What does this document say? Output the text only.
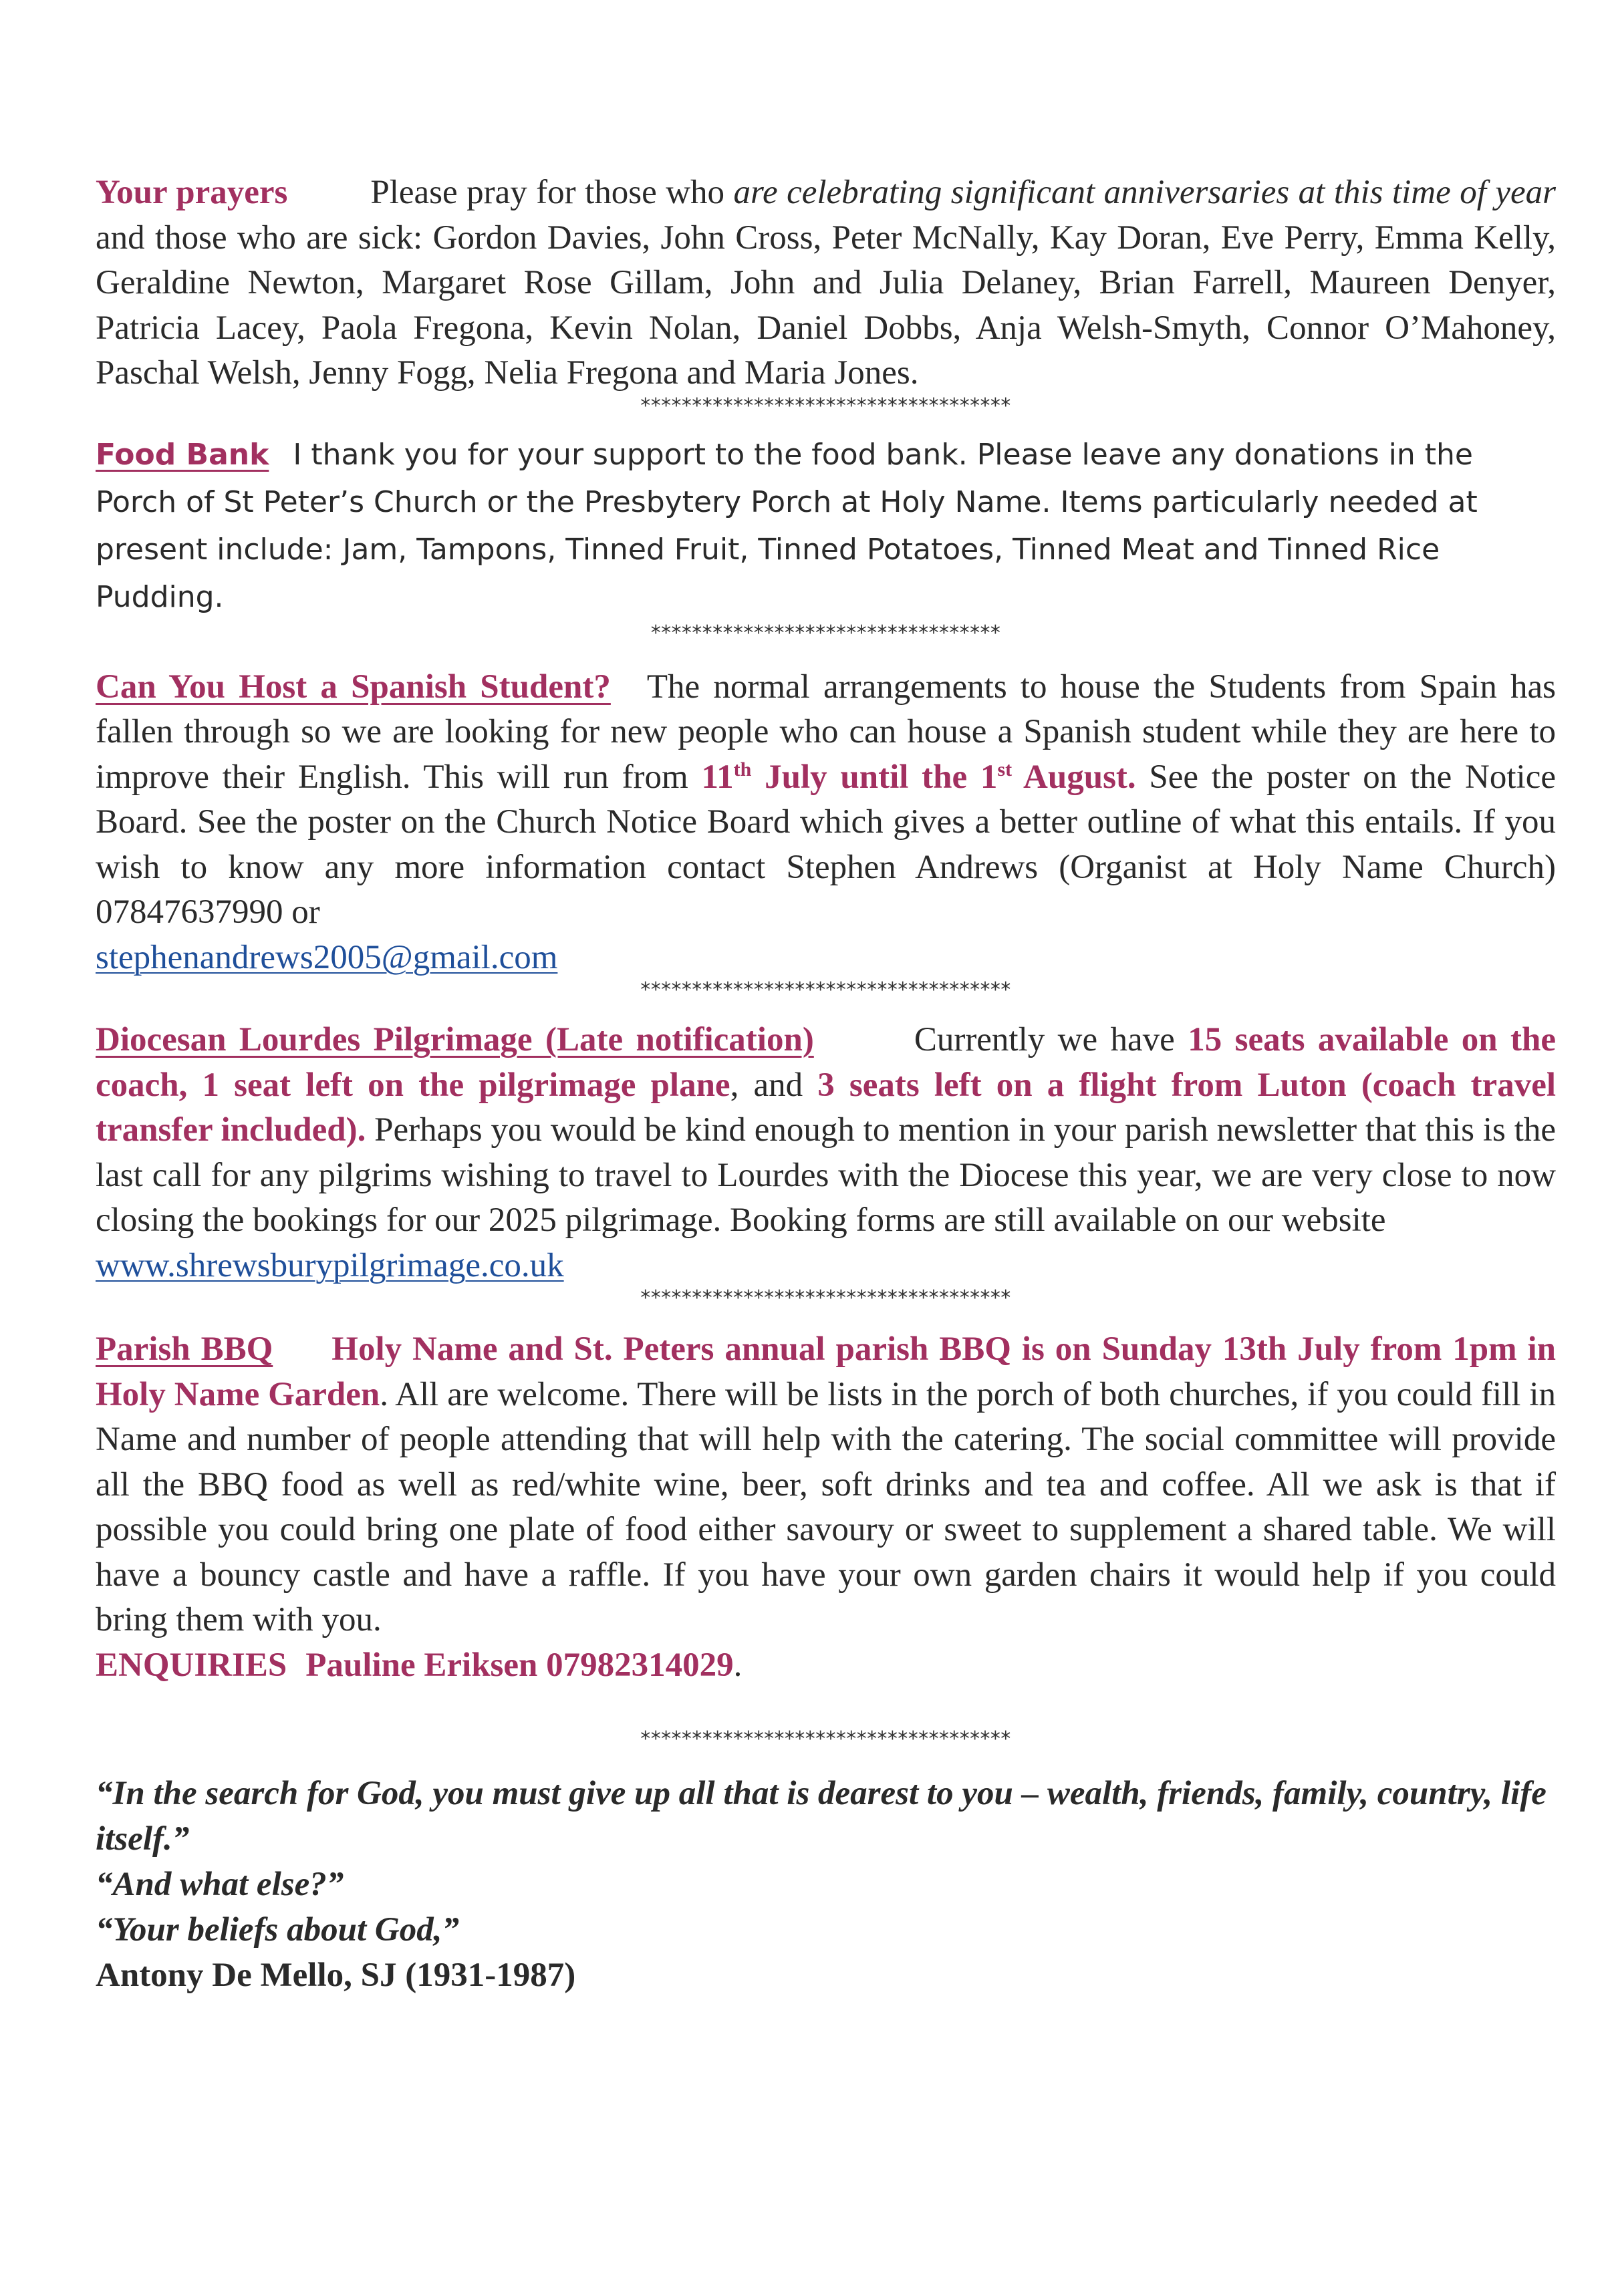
Your prayers Please pray for those who are celebrating significant anniversaries at this time of year and those who are sick: Gordon Davies, John Cross, Peter McNally, Kay Doran, Eve Perry, Emma Kelly, Geraldine Newton, Margaret Rose Gillam, John and Julia Delaney, Brian Farrell, Maureen Denyer, Patricia Lacey, Paola Fregona, Kevin Nolan, Daniel Dobbs, Anja Welsh-Smyth, Connor O’Mahoney, Paschal Welsh, Jenny Fogg, Nelia Fregona and Maria Jones.

************************************

Food Bank I thank you for your support to the food bank. Please leave any donations in the Porch of St Peter’s Church or the Presbytery Porch at Holy Name. Items particularly needed at present include: Jam, Tampons, Tinned Fruit, Tinned Potatoes, Tinned Meat and Tinned Rice Pudding.

**********************************

Can You Host a Spanish Student? The normal arrangements to house the Students from Spain has fallen through so we are looking for new people who can house a Spanish student while they are here to improve their English. This will run from 11th July until the 1st August. See the poster on the Notice Board. See the poster on the Church Notice Board which gives a better outline of what this entails. If you wish to know any more information contact Stephen Andrews (Organist at Holy Name Church) 07847637990 or
stephenandrews2005@gmail.com

************************************

Diocesan Lourdes Pilgrimage (Late notification)	Currently we have 15 seats available on the coach, 1 seat left on the pilgrimage plane, and 3 seats left on a flight from Luton (coach travel transfer included). Perhaps you would be kind enough to mention in your parish newsletter that this is the last call for any pilgrims wishing to travel to Lourdes with the Diocese this year, we are very close to now closing the bookings for our 2025 pilgrimage. Booking forms are still available on our website
www.shrewsburypilgrimage.co.uk

************************************

Parish BBQ Holy Name and St. Peters annual parish BBQ is on Sunday 13th July from 1pm in Holy Name Garden. All are welcome. There will be lists in the porch of both churches, if you could fill in Name and number of people attending that will help with the catering. The social committee will provide all the BBQ food as well as red/white wine, beer, soft drinks and tea and coffee. All we ask is that if possible you could bring one plate of food either savoury or sweet to supplement a shared table. We will have a bouncy castle and have a raffle. If you have your own garden chairs it would help if you could bring them with you.
ENQUIRIES Pauline Eriksen 07982314029.

************************************

“In the search for God, you must give up all that is dearest to you – wealth, friends, family, country, life itself.”

“And what else?”

“Your beliefs about God,”

Antony De Mello, SJ (1931-1987)
